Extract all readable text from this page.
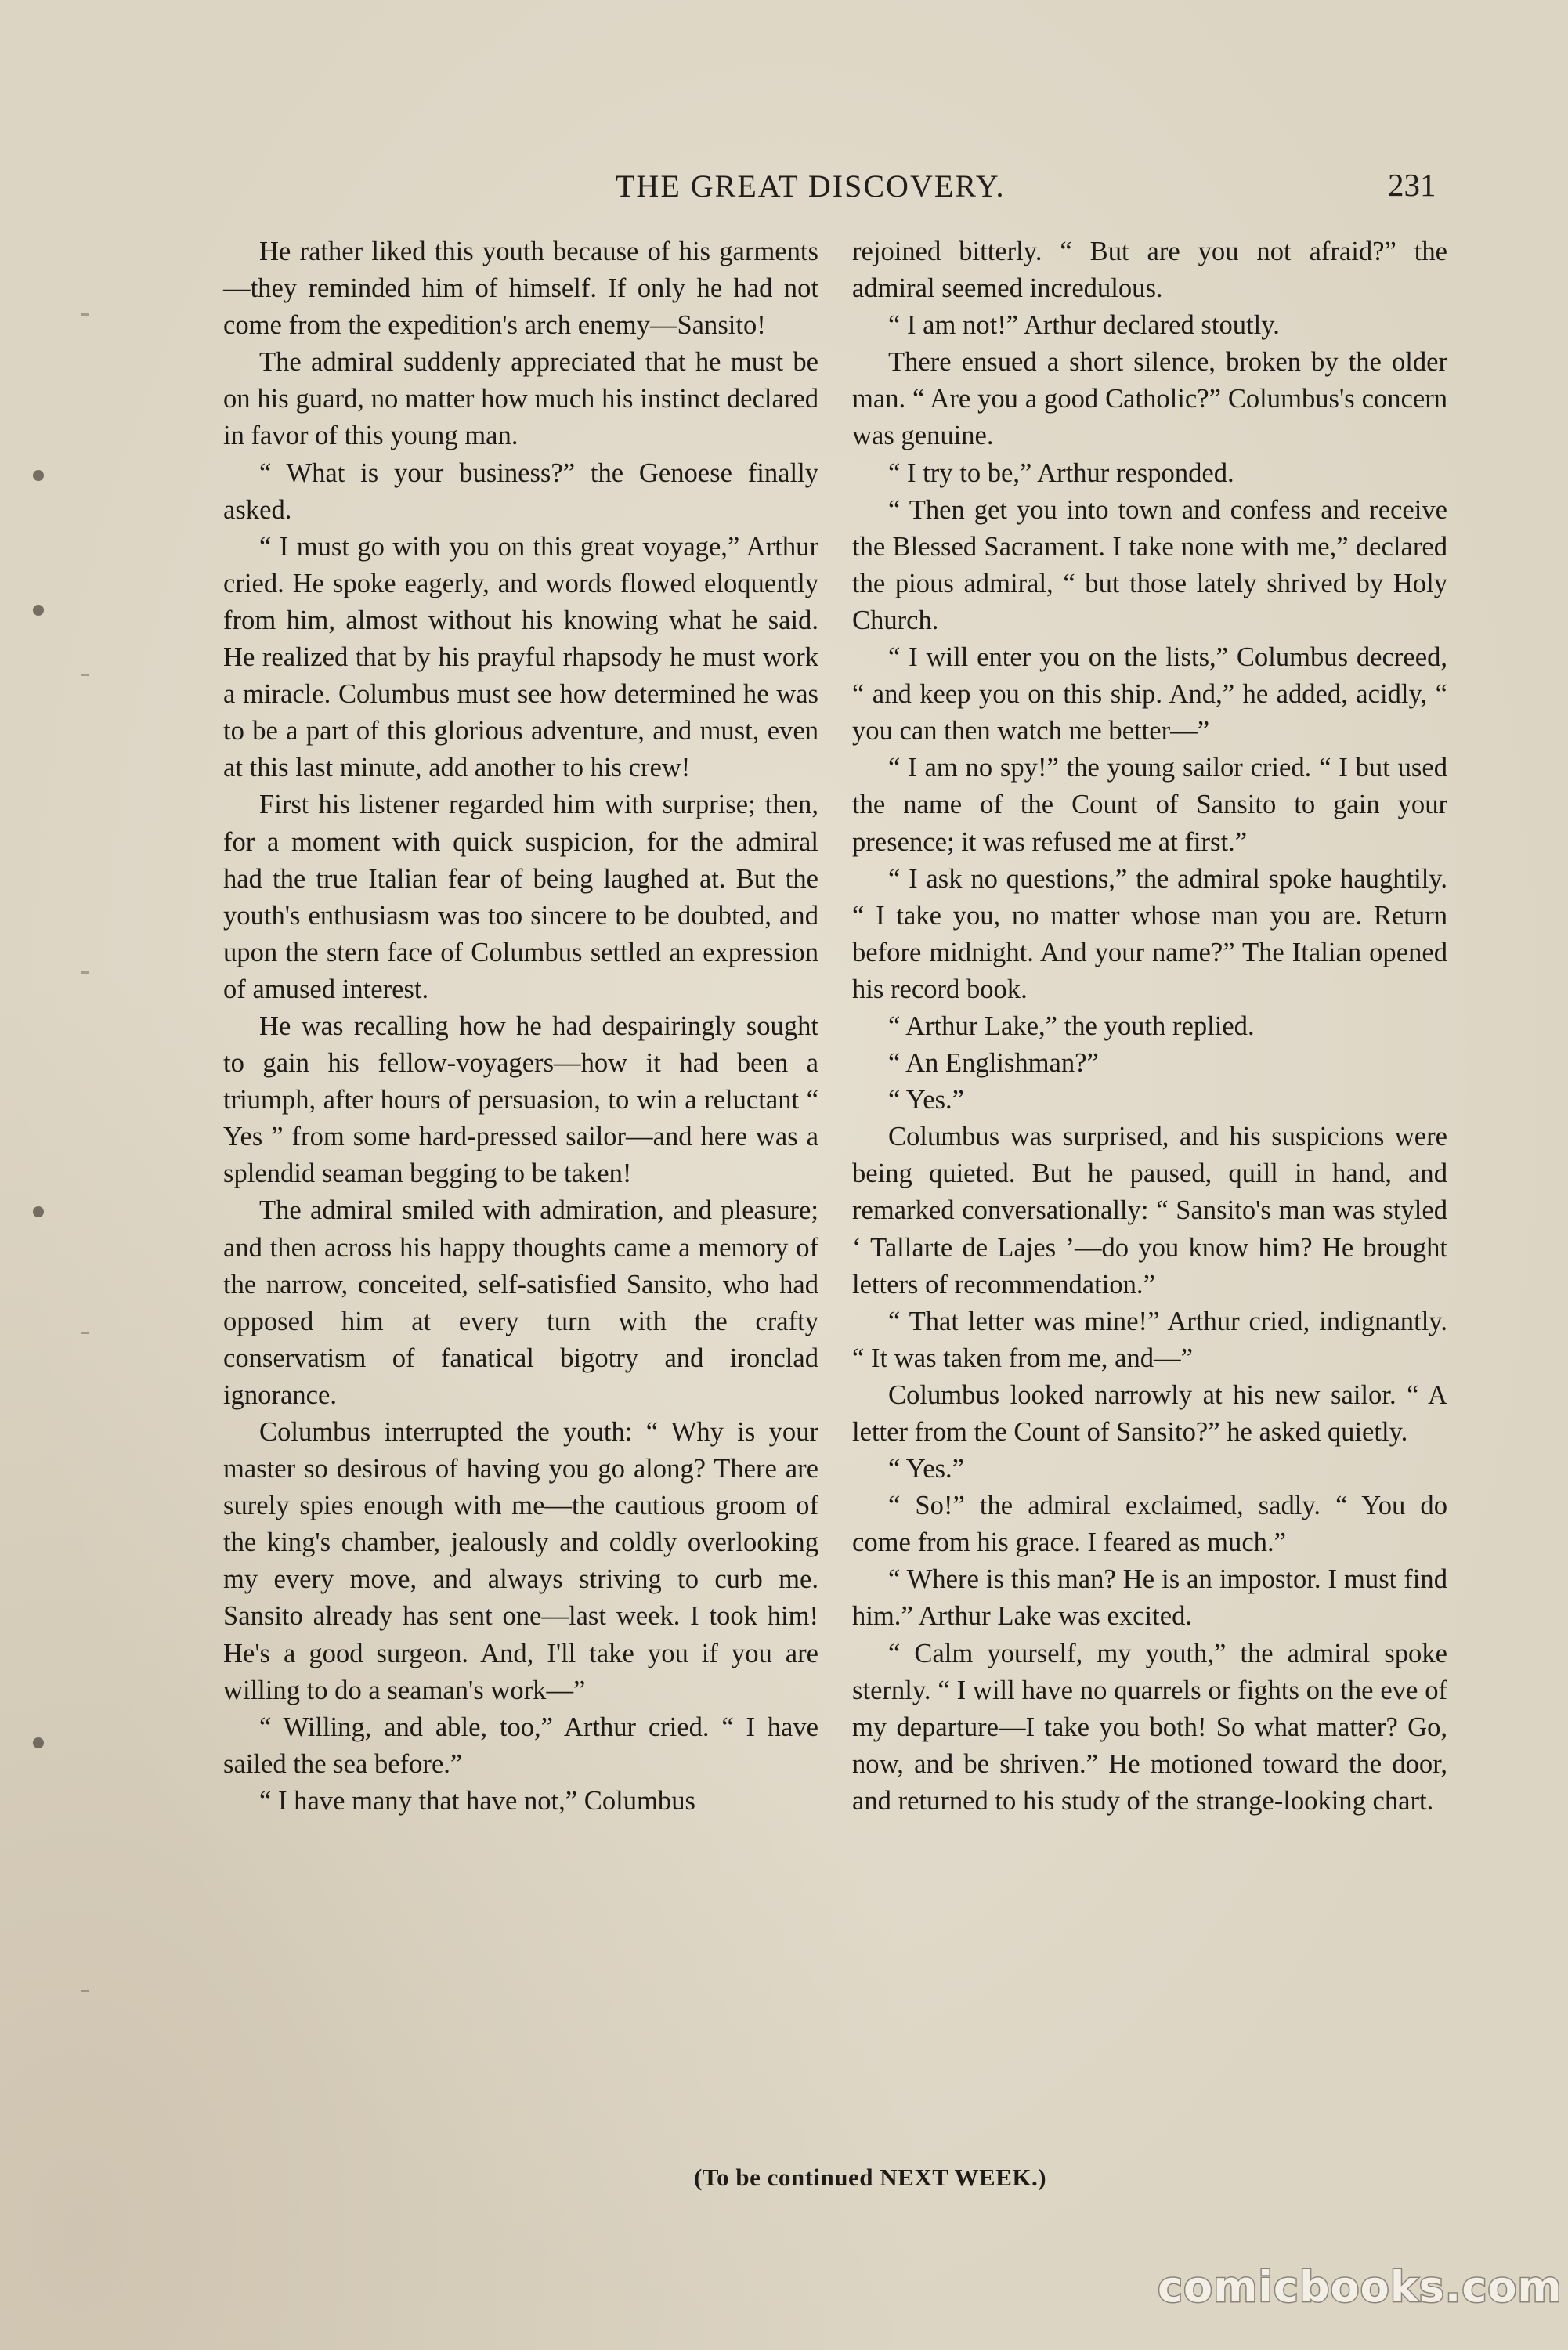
THE GREAT DISCOVERY.	231

He rather liked this youth because of his garments—they reminded him of himself. If only he had not come from the expedition's arch enemy—Sansito!

The admiral suddenly appreciated that he must be on his guard, no matter how much his instinct declared in favor of this young man.

“ What is your business?” the Genoese finally asked.

“ I must go with you on this great voyage,” Arthur cried. He spoke eagerly, and words flowed eloquently from him, almost without his knowing what he said. He realized that by his prayful rhapsody he must work a miracle. Columbus must see how determined he was to be a part of this glorious adventure, and must, even at this last minute, add another to his crew!

First his listener regarded him with surprise; then, for a moment with quick suspicion, for the admiral had the true Italian fear of being laughed at. But the youth's enthusiasm was too sincere to be doubted, and upon the stern face of Columbus settled an expression of amused interest.

He was recalling how he had despairingly sought to gain his fellow-voyagers—how it had been a triumph, after hours of persuasion, to win a reluctant “ Yes ” from some hard-pressed sailor—and here was a splendid seaman begging to be taken!

The admiral smiled with admiration, and pleasure; and then across his happy thoughts came a memory of the narrow, conceited, self-satisfied Sansito, who had opposed him at every turn with the crafty conservatism of fanatical bigotry and ironclad ignorance.

Columbus interrupted the youth: “ Why is your master so desirous of having you go along? There are surely spies enough with me—the cautious groom of the king's chamber, jealously and coldly overlooking my every move, and always striving to curb me. Sansito already has sent one—last week. I took him! He's a good surgeon. And, I'll take you if you are willing to do a seaman's work—”

“ Willing, and able, too,” Arthur cried. “ I have sailed the sea before.”

“ I have many that have not,” Columbus

rejoined bitterly. “ But are you not afraid?” the admiral seemed incredulous.

“ I am not!” Arthur declared stoutly.

There ensued a short silence, broken by the older man. “ Are you a good Catholic?” Columbus's concern was genuine.

“ I try to be,” Arthur responded.

“ Then get you into town and confess and receive the Blessed Sacrament. I take none with me,” declared the pious admiral, “ but those lately shrived by Holy Church.

“ I will enter you on the lists,” Columbus decreed, “ and keep you on this ship. And,” he added, acidly, “ you can then watch me better—”

“ I am no spy!” the young sailor cried. “ I but used the name of the Count of Sansito to gain your presence; it was refused me at first.”

“ I ask no questions,” the admiral spoke haughtily. “ I take you, no matter whose man you are. Return before midnight. And your name?” The Italian opened his record book.

“ Arthur Lake,” the youth replied.

“ An Englishman?”

“ Yes.”

Columbus was surprised, and his suspicions were being quieted. But he paused, quill in hand, and remarked conversationally: “ Sansito's man was styled ‘ Tallarte de Lajes ’—do you know him? He brought letters of recommendation.”

“ That letter was mine!” Arthur cried, indignantly. “ It was taken from me, and—”

Columbus looked narrowly at his new sailor. “ A letter from the Count of Sansito?” he asked quietly.

“ Yes.”

“ So!” the admiral exclaimed, sadly. “ You do come from his grace. I feared as much.”

“ Where is this man? He is an impostor. I must find him.” Arthur Lake was excited.

“ Calm yourself, my youth,” the admiral spoke sternly. “ I will have no quarrels or fights on the eve of my departure—I take you both! So what matter? Go, now, and be shriven.” He motioned toward the door, and returned to his study of the strange-looking chart.

(To be continued NEXT WEEK.)
comicbooks.com
